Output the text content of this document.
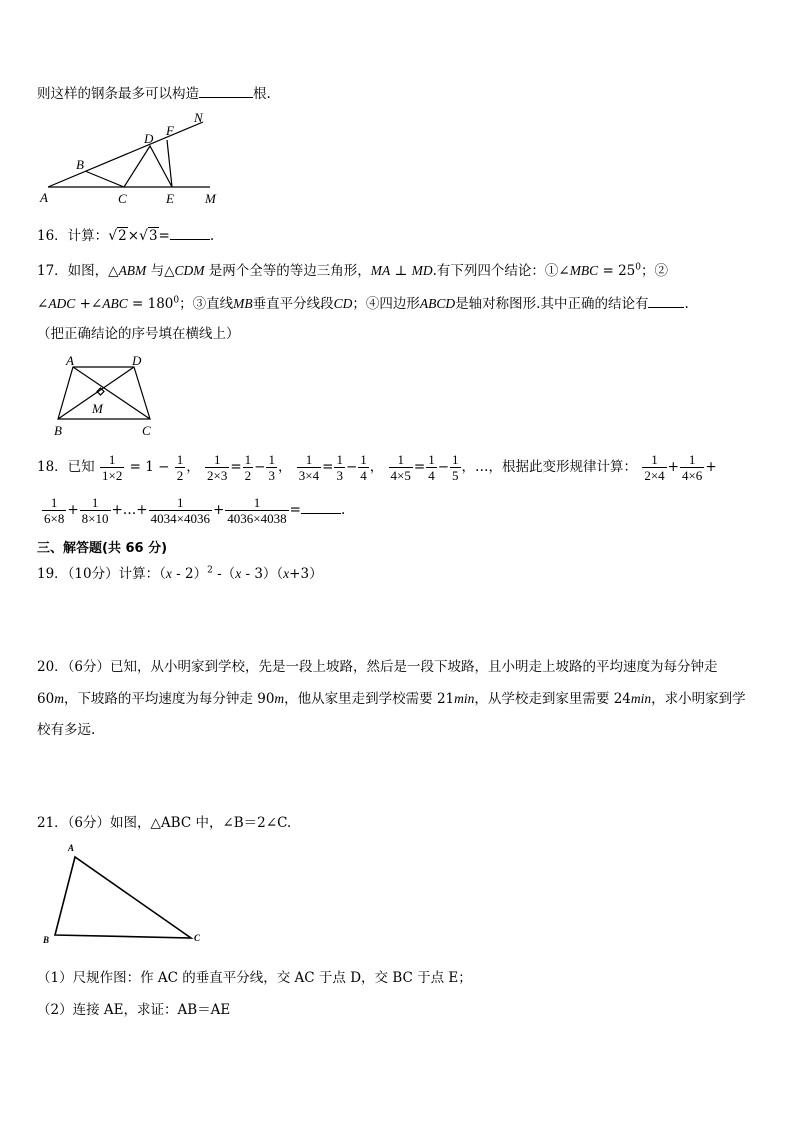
则这样的钢条最多可以构造	根.
N
F
D
B
A	C	E M
16．计算：√2×√3=	.
17．如图，△ABM 与△CDM 是两个全等的等边三角形，MA ⊥ MD.有下列四个结论：①∠MBC = $25^0$；②
∠ADC +∠ABC = $180^0$；③直线MB垂直平分线段CD；④四边形ABCD是轴对称图形.其中正确的结论有	.
（把正确结论的序号填在横线上）
A	D
M
B	C
18．已知 $\frac{1}{1\times 2} = 1 - \frac{1}{2}$ ， $\frac{1}{2\times 3} = \frac{1}{2} - \frac{1}{3}$ ， $\frac{1}{3\times 4} = \frac{1}{3} - \frac{1}{4}$ ， $\frac{1}{4\times 5} = \frac{1}{4} - \frac{1}{5}$ ，…，根据此变形规律计算： $\frac{1}{2\times 4} + \frac{1}{4\times 6}$ +
$\frac{1}{6\times 8} + \frac{1}{8\times 10}$ +…+ $\frac{1}{4034\times 4036} + \frac{1}{4036\times 4038}$ =	.
三、解答题(共 66 分)
19．（10分）计算：（x - 2）$^2$ -（x - 3）（x+3）
20．（6分）已知，从小明家到学校，先是一段上坡路，然后是一段下坡路，且小明走上坡路的平均速度为每分钟走
60m，下坡路的平均速度为每分钟走 90m，他从家里走到学校需要 21min，从学校走到家里需要 24min，求小明家到学
校有多远.
21．（6分）如图，△ABC 中，∠B＝2∠C.
A
B	C
（1）尺规作图：作 AC 的垂直平分线，交 AC 于点 D，交 BC 于点 E；
（2）连接 AE，求证：AB＝AE
